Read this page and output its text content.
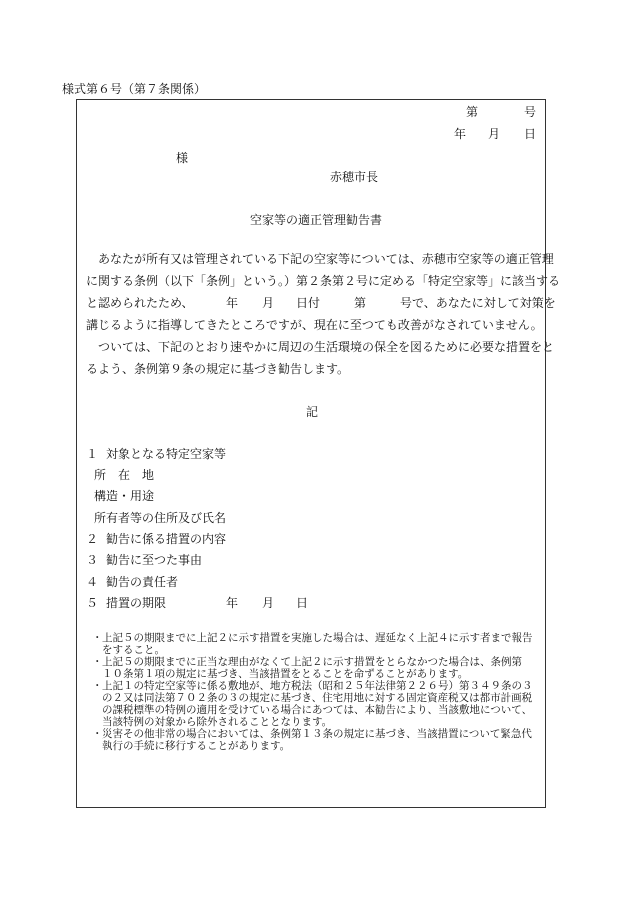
様式第６号（第７条関係）
第	号
年 月 日
様
赤穂市長
空家等の適正管理勧告書
あなたが所有又は管理されている下記の空家等については、赤穂市空家等の適正管理
に関する条例（以下「条例」という。）第２条第２号に定める「特定空家等」に該当する
と認められたため、	年 月 日付	第	号で、あなたに対して対策を
講じるように指導してきたところですが、現在に至つても改善がなされていません。
ついては、下記のとおり速やかに周辺の生活環境の保全を図るために必要な措置をと
るよう、条例第９条の規定に基づき勧告します。
記
１ 対象となる特定空家等
所　在　地
構造・用途
所有者等の住所及び氏名
２ 勧告に係る措置の内容
３ 勧告に至つた事由
４ 勧告の責任者
５ 措置の期限	年 月 日
・ 上記５の期限までに上記２に示す措置を実施した場合は、遅延なく上記４に示す者まで報告
をすること。
・ 上記５の期限までに正当な理由がなくて上記２に示す措置をとらなかつた場合は、条例第
１０条第１項の規定に基づき、当該措置をとることを命ずることがあります。
・ 上記１の特定空家等に係る敷地が、地方税法（昭和２５年法律第２２６号）第３４９条の３
の２又は同法第７０２条の３の規定に基づき、住宅用地に対する固定資産税又は都市計画税
の課税標準の特例の適用を受けている場合にあつては、本勧告により、当該敷地について、
当該特例の対象から除外されることとなります。
・ 災害その他非常の場合においては、条例第１３条の規定に基づき、当該措置について緊急代
執行の手続に移行することがあります。
